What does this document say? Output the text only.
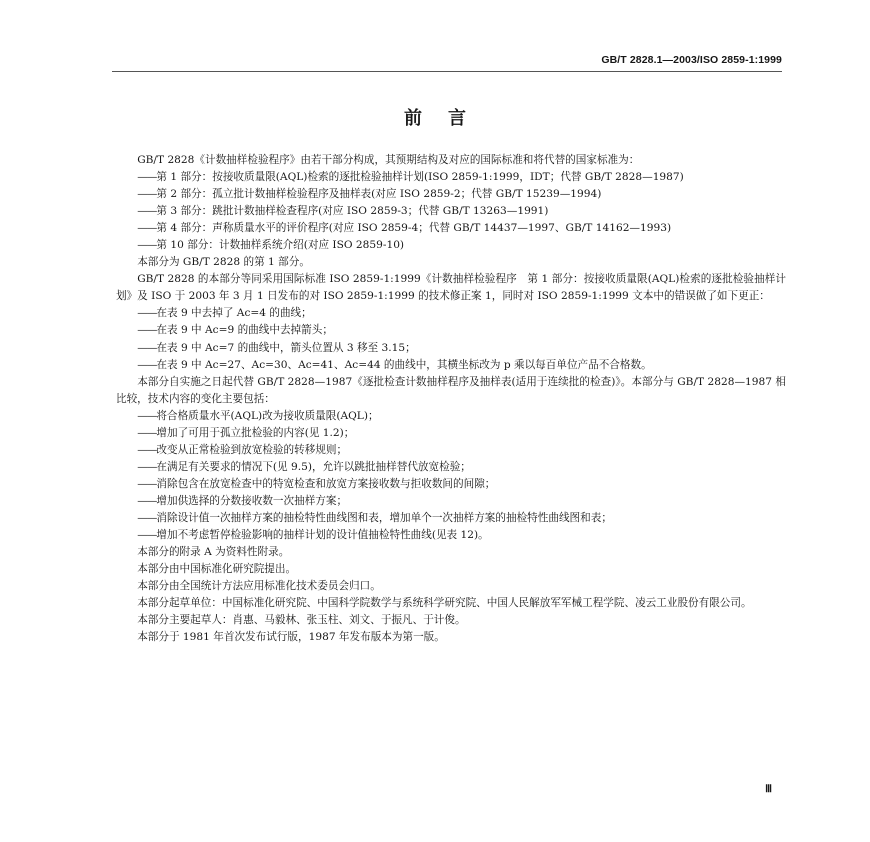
GB/T 2828.1—2003/ISO 2859-1:1999
前言

GB/T 2828《计数抽样检验程序》由若干部分构成，其预期结构及对应的国际标准和将代替的国家标准为：

——第 1 部分：按接收质量限(AQL)检索的逐批检验抽样计划(ISO 2859-1:1999，IDT；代替 GB/T 2828—1987)

——第 2 部分：孤立批计数抽样检验程序及抽样表(对应 ISO 2859-2；代替 GB/T 15239—1994)

——第 3 部分：跳批计数抽样检查程序(对应 ISO 2859-3；代替 GB/T 13263—1991)

——第 4 部分：声称质量水平的评价程序(对应 ISO 2859-4；代替 GB/T 14437—1997、GB/T 14162—1993)

——第 10 部分：计数抽样系统介绍(对应 ISO 2859-10)

本部分为 GB/T 2828 的第 1 部分。

GB/T 2828 的本部分等同采用国际标准 ISO 2859-1:1999《计数抽样检验程序　第 1 部分：按接收质量限(AQL)检索的逐批检验抽样计划》及 ISO 于 2003 年 3 月 1 日发布的对 ISO 2859-1:1999 的技术修正案 1，同时对 ISO 2859-1:1999 文本中的错误做了如下更正：

——在表 9 中去掉了 Ac=4 的曲线；

——在表 9 中 Ac=9 的曲线中去掉箭头；

——在表 9 中 Ac=7 的曲线中，箭头位置从 3 移至 3.15；

——在表 9 中 Ac=27、Ac=30、Ac=41、Ac=44 的曲线中，其横坐标改为 p 乘以每百单位产品不合格数。

本部分自实施之日起代替 GB/T 2828—1987《逐批检查计数抽样程序及抽样表(适用于连续批的检查)》。本部分与 GB/T 2828—1987 相比较，技术内容的变化主要包括：

——将合格质量水平(AQL)改为接收质量限(AQL)；

——增加了可用于孤立批检验的内容(见 1.2)；

——改变从正常检验到放宽检验的转移规则；

——在满足有关要求的情况下(见 9.5)，允许以跳批抽样替代放宽检验；

——消除包含在放宽检查中的特宽检查和放宽方案接收数与拒收数间的间隙；

——增加供选择的分数接收数一次抽样方案；

——消除设计值一次抽样方案的抽检特性曲线图和表，增加单个一次抽样方案的抽检特性曲线图和表；

——增加不考虑暂停检验影响的抽样计划的设计值抽检特性曲线(见表 12)。

本部分的附录 A 为资料性附录。

本部分由中国标准化研究院提出。

本部分由全国统计方法应用标准化技术委员会归口。

本部分起草单位：中国标准化研究院、中国科学院数学与系统科学研究院、中国人民解放军军械工程学院、凌云工业股份有限公司。

本部分主要起草人：肖惠、马毅林、张玉柱、刘文、于振凡、于计俊。

本部分于 1981 年首次发布试行版，1987 年发布版本为第一版。

Ⅲ
